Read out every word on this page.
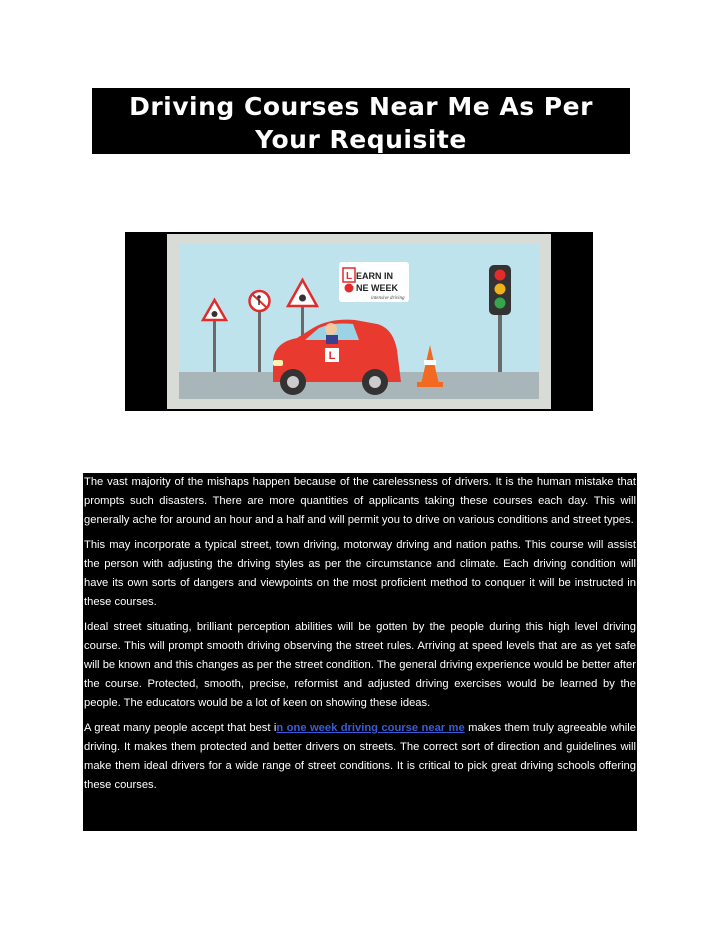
Driving Courses Near Me As Per Your Requisite
L EARN IN
NE WEEK
intensive driving
L

The vast majority of the mishaps happen because of the carelessness of drivers. It is the human mistake that prompts such disasters. There are more quantities of applicants taking these courses each day. This will generally ache for around an hour and a half and will permit you to drive on various conditions and street types.

This may incorporate a typical street, town driving, motorway driving and nation paths. This course will assist the person with adjusting the driving styles as per the circumstance and climate. Each driving condition will have its own sorts of dangers and viewpoints on the most proficient method to conquer it will be instructed in these courses.

Ideal street situating, brilliant perception abilities will be gotten by the people during this high level driving course. This will prompt smooth driving observing the street rules. Arriving at speed levels that are as yet safe will be known and this changes as per the street condition. The general driving experience would be better after the course. Protected, smooth, precise, reformist and adjusted driving exercises would be learned by the people. The educators would be a lot of keen on showing these ideas.

A great many people accept that best in one week driving course near me makes them truly agreeable while driving. It makes them protected and better drivers on streets. The correct sort of direction and guidelines will make them ideal drivers for a wide range of street conditions. It is critical to pick great driving schools offering these courses.
